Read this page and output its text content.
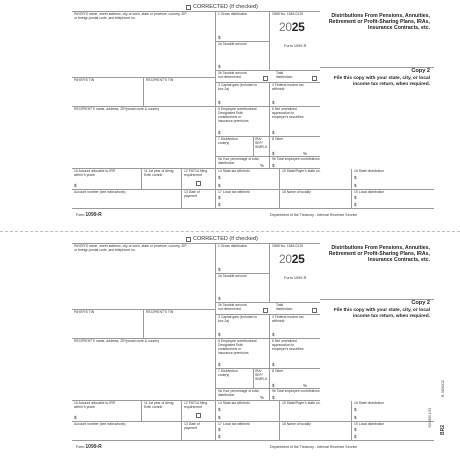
CORRECTED (if checked)
PAYER'S name, street address, city or town, state or province, country, ZIP
or foreign postal code, and telephone no.
1 Gross distribution
$
OMB No. 1545-0119
2025
Form 1099-R
2a Taxable amount
$
2b Taxable amount
not determined
Total
distribution
Distributions From Pensions, Annuities, Retirement or Profit-Sharing Plans, IRAs, Insurance Contracts, etc.
Copy 2
File this copy with your state, city, or local income tax return, when required.
PAYER'S TIN	RECIPIENT'S TIN
3 Capital gain (included in
box 2a)
$
4 Federal income tax
withheld
$
RECIPIENT'S name, address, ZIP/postal code & country	5 Employee contributions/
Designated Roth
contributions or
insurance premiums
$
6 Net unrealized
appreciation in
employer's securities
$
7 Distribution
code(s)
IRA/
SEP/
SIMPLE
8 Other
$	%
9a Your percentage of total
distribution
%
9b Total employee contributions
$
10 Amount allocable to IRR
within 5 years
$
11 1st year of desig.
Roth contrib.
12 FATCA filing
requirement
14 State tax withheld
$
$
15 State/Payer's state no.	16 State distribution
$
$
Account number (see instructions)	13 Date of
payment
17 Local tax withheld
$
$
18 Name of locality	19 Local distribution
$
$
Form 1099-R	Department of the Treasury - Internal Revenue Service
CORRECTED (if checked)
PAYER'S name, street address, city or town, state or province, country, ZIP
or foreign postal code, and telephone no.
1 Gross distribution
$
OMB No. 1545-0119
2025
Form 1099-R
2a Taxable amount
$
2b Taxable amount
not determined
Total
distribution
Distributions From Pensions, Annuities, Retirement or Profit-Sharing Plans, IRAs, Insurance Contracts, etc.
Copy 2
File this copy with your state, city, or local income tax return, when required.
PAYER'S TIN	RECIPIENT'S TIN
3 Capital gain (included in
box 2a)
$
4 Federal income tax
withheld
$
RECIPIENT'S name, address, ZIP/postal code & country	5 Employee contributions/
Designated Roth
contributions or
insurance premiums
$
6 Net unrealized
appreciation in
employer's securities
$
7 Distribution
code(s)
IRA/
SEP/
SIMPLE
8 Other
$	%
9a Your percentage of total
distribution
%
9b Total employee contributions
$
10 Amount allocable to IRR
within 5 years
$
11 1st year of desig.
Roth contrib.
12 FATCA filing
requirement
14 State tax withheld
$
$
15 State/Payer's state no.	16 State distribution
$
$
Account number (see instructions)	13 Date of
payment
17 Local tax withheld
$
$
18 Name of locality	19 Local distribution
$
$
Form 1099-R	Department of the Treasury - Internal Revenue Service
B 309002
BR2
5092625 1/23
